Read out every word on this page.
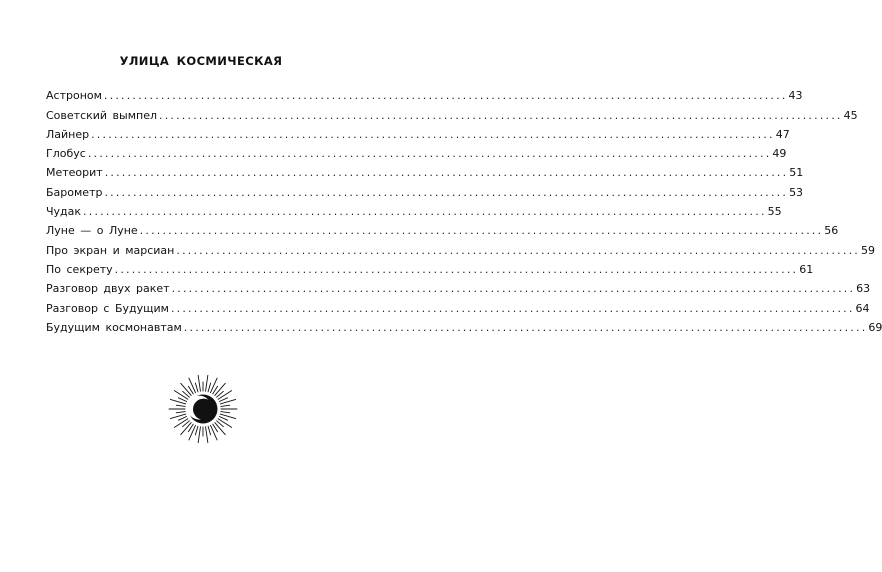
УЛИЦА КОСМИЧЕСКАЯ
Астроном ........................................................................................................................ 43
Советский вымпел ........................................................................................................................ 45
Лайнер ........................................................................................................................ 47
Глобус ........................................................................................................................ 49
Метеорит ........................................................................................................................ 51
Барометр ........................................................................................................................ 53
Чудак ........................................................................................................................ 55
Луне — о Луне ........................................................................................................................ 56
Про экран и марсиан ........................................................................................................................ 59
По секрету ........................................................................................................................ 61
Разговор двух ракет ........................................................................................................................ 63
Разговор с Будущим ........................................................................................................................ 64
Будущим космонавтам ........................................................................................................................ 69
